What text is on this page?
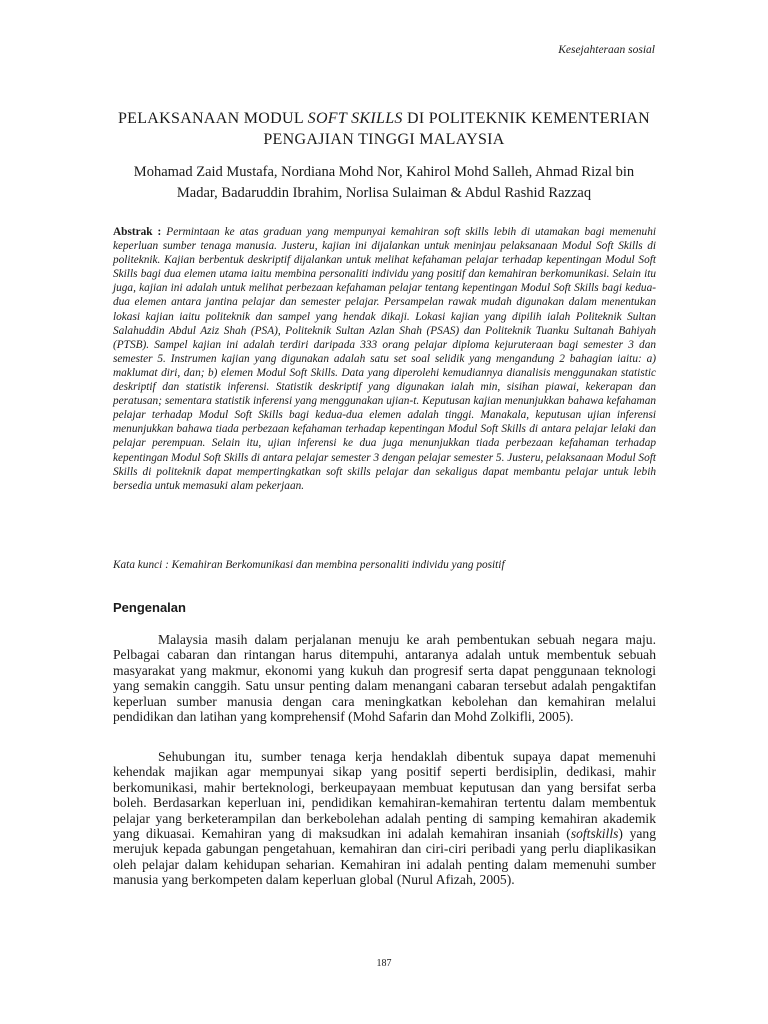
Kesejahteraan sosial
PELAKSANAAN MODUL SOFT SKILLS DI POLITEKNIK KEMENTERIAN
PENGAJIAN TINGGI MALAYSIA
Mohamad Zaid Mustafa, Nordiana Mohd Nor, Kahirol Mohd Salleh, Ahmad Rizal bin
Madar, Badaruddin Ibrahim, Norlisa Sulaiman & Abdul Rashid Razzaq
Abstrak : Permintaan ke atas graduan yang mempunyai kemahiran soft skills lebih di utamakan bagi memenuhi keperluan sumber tenaga manusia. Justeru, kajian ini dijalankan untuk meninjau pelaksanaan Modul Soft Skills di politeknik. Kajian berbentuk deskriptif dijalankan untuk melihat kefahaman pelajar terhadap kepentingan Modul Soft Skills bagi dua elemen utama iaitu membina personaliti individu yang positif dan kemahiran berkomunikasi. Selain itu juga, kajian ini adalah untuk melihat perbezaan kefahaman pelajar tentang kepentingan Modul Soft Skills bagi kedua-dua elemen antara jantina pelajar dan semester pelajar. Persampelan rawak mudah digunakan dalam menentukan lokasi kajian iaitu politeknik dan sampel yang hendak dikaji. Lokasi kajian yang dipilih ialah Politeknik Sultan Salahuddin Abdul Aziz Shah (PSA), Politeknik Sultan Azlan Shah (PSAS) dan Politeknik Tuanku Sultanah Bahiyah (PTSB). Sampel kajian ini adalah terdiri daripada 333 orang pelajar diploma kejuruteraan bagi semester 3 dan semester 5. Instrumen kajian yang digunakan adalah satu set soal selidik yang mengandung 2 bahagian iaitu: a) maklumat diri, dan; b) elemen Modul Soft Skills. Data yang diperolehi kemudiannya dianalisis menggunakan statistic deskriptif dan statistik inferensi. Statistik deskriptif yang digunakan ialah min, sisihan piawai, kekerapan dan peratusan; sementara statistik inferensi yang menggunakan ujian-t. Keputusan kajian menunjukkan bahawa kefahaman pelajar terhadap Modul Soft Skills bagi kedua-dua elemen adalah tinggi. Manakala, keputusan ujian inferensi menunjukkan bahawa tiada perbezaan kefahaman terhadap kepentingan Modul Soft Skills di antara pelajar lelaki dan pelajar perempuan. Selain itu, ujian inferensi ke dua juga menunjukkan tiada perbezaan kefahaman terhadap kepentingan Modul Soft Skills di antara pelajar semester 3 dengan pelajar semester 5. Justeru, pelaksanaan Modul Soft Skills di politeknik dapat mempertingkatkan soft skills pelajar dan sekaligus dapat membantu pelajar untuk lebih bersedia untuk memasuki alam pekerjaan.
Kata kunci : Kemahiran Berkomunikasi dan membina personaliti individu yang positif
Pengenalan

Malaysia masih dalam perjalanan menuju ke arah pembentukan sebuah negara maju. Pelbagai cabaran dan rintangan harus ditempuhi, antaranya adalah untuk membentuk sebuah masyarakat yang makmur, ekonomi yang kukuh dan progresif serta dapat penggunaan teknologi yang semakin canggih. Satu unsur penting dalam menangani cabaran tersebut adalah pengaktifan keperluan sumber manusia dengan cara meningkatkan kebolehan dan kemahiran melalui pendidikan dan latihan yang komprehensif (Mohd Safarin dan Mohd Zolkifli, 2005).

Sehubungan itu, sumber tenaga kerja hendaklah dibentuk supaya dapat memenuhi kehendak majikan agar mempunyai sikap yang positif seperti berdisiplin, dedikasi, mahir berkomunikasi, mahir berteknologi, berkeupayaan membuat keputusan dan yang bersifat serba boleh. Berdasarkan keperluan ini, pendidikan kemahiran-kemahiran tertentu dalam membentuk pelajar yang berketerampilan dan berkebolehan adalah penting di samping kemahiran akademik yang dikuasai. Kemahiran yang di maksudkan ini adalah kemahiran insaniah (softskills) yang merujuk kepada gabungan pengetahuan, kemahiran dan ciri-ciri peribadi yang perlu diaplikasikan oleh pelajar dalam kehidupan seharian. Kemahiran ini adalah penting dalam memenuhi sumber manusia yang berkompeten dalam keperluan global (Nurul Afizah, 2005).

187
